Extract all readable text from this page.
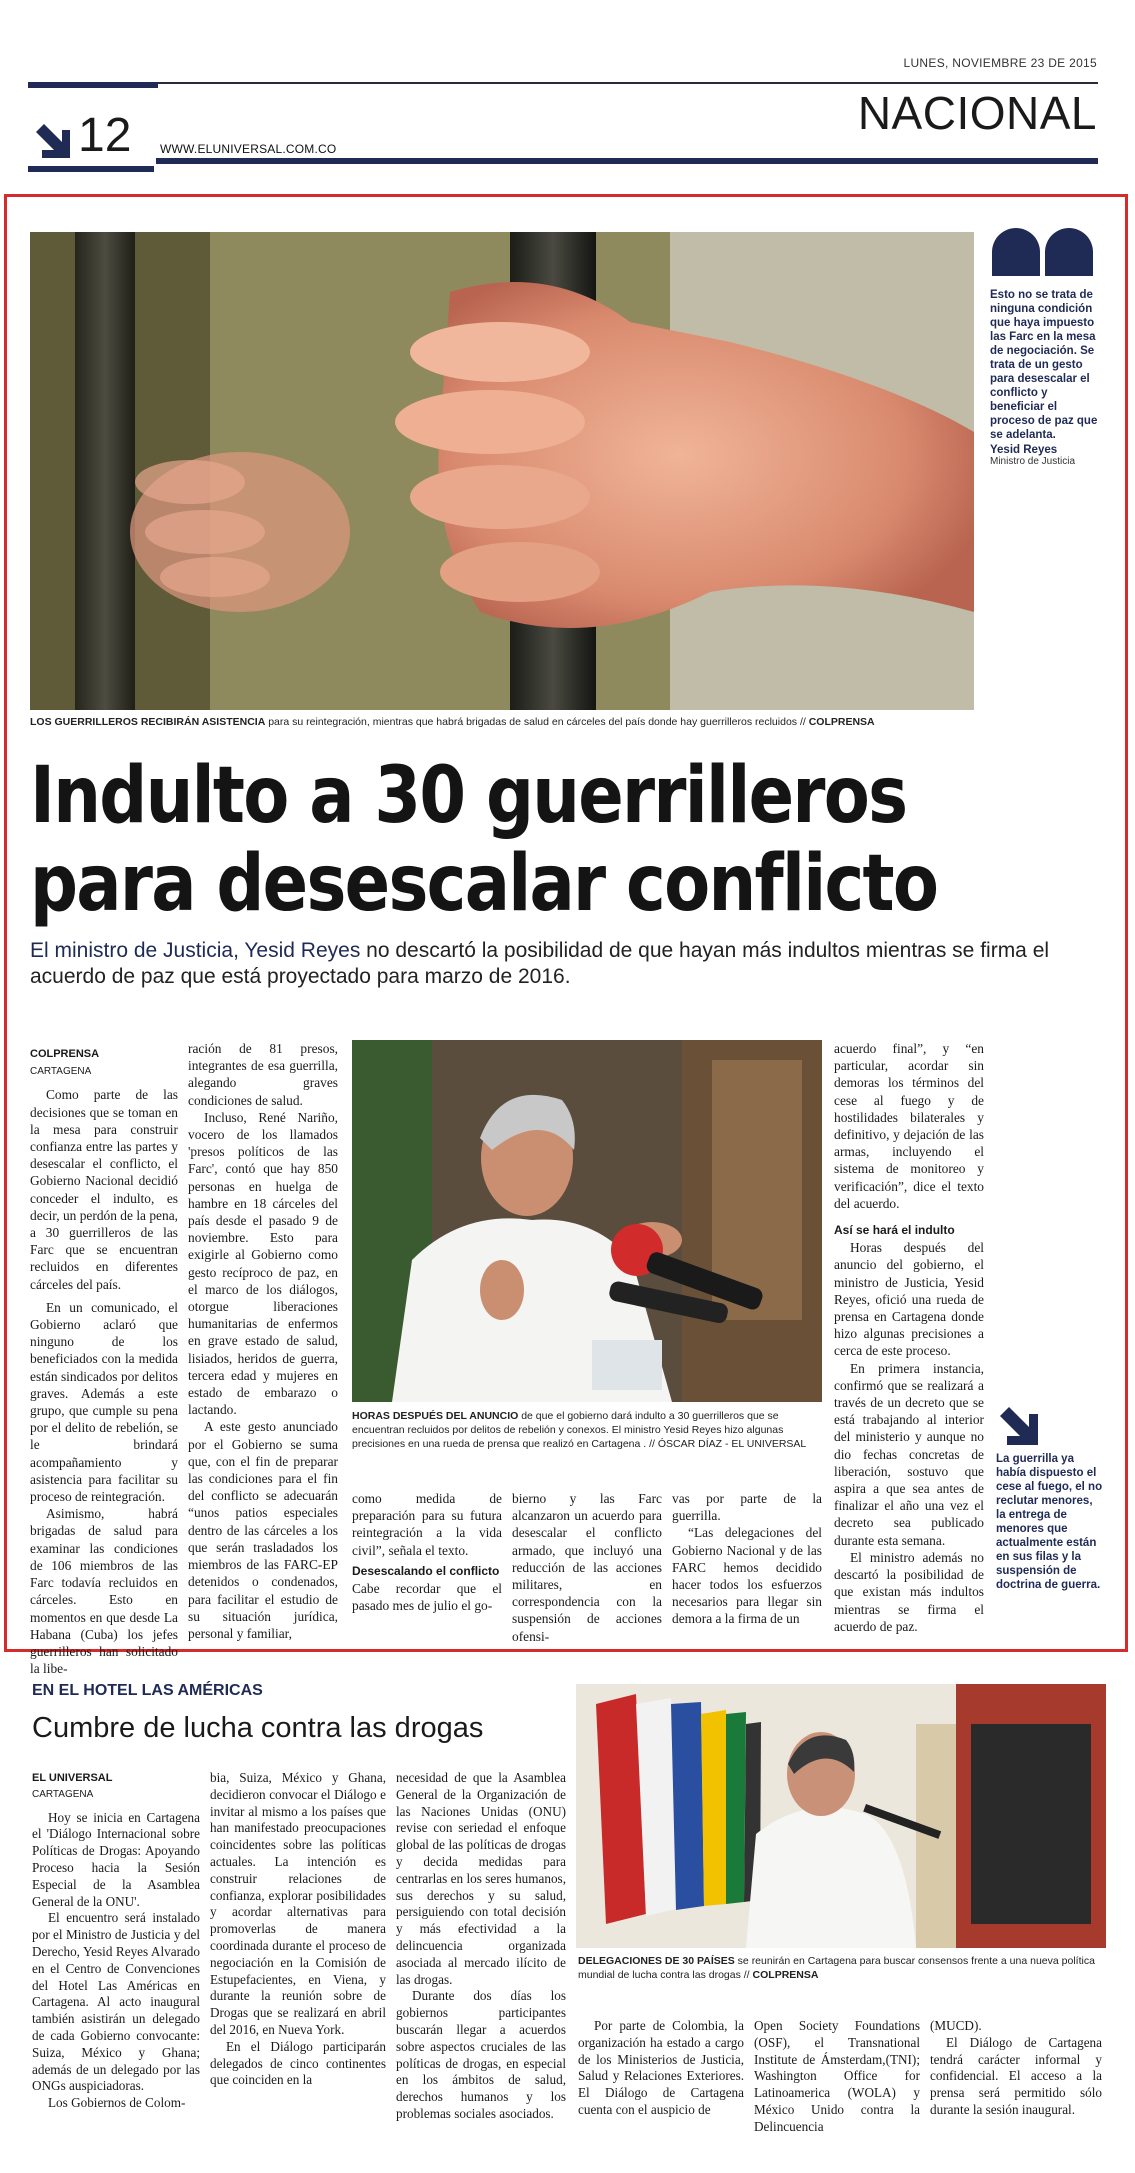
LUNES, NOVIEMBRE 23 DE 2015
NACIONAL
12 WWW.ELUNIVERSAL.COM.CO
LOS GUERRILLEROS RECIBIRÁN ASISTENCIA para su reintegración, mientras que habrá brigadas de salud en cárceles del país donde hay guerrilleros recluidos // COLPRENSA
Esto no se trata de ninguna condición que haya impuesto las Farc en la mesa de negociación. Se trata de un gesto para desescalar el conflicto y beneficiar el proceso de paz que se adelanta.
Yesid Reyes
Ministro de Justicia
Indulto a 30 guerrilleros
para desescalar conflicto
El ministro de Justicia, Yesid Reyes no descartó la posibilidad de que hayan más indultos mientras se firma el acuerdo de paz que está proyectado para marzo de 2016.

COLPRENSA

CARTAGENA

Como parte de las decisiones que se toman en la mesa para construir confianza entre las partes y desescalar el conflicto, el Gobierno Nacional decidió conceder el indulto, es decir, un perdón de la pena, a 30 guerrilleros de las Farc que se encuentran recluidos en diferentes cárceles del país.

En un comunicado, el Gobierno aclaró que ninguno de los beneficiados con la medida están sindicados por delitos graves. Además a este grupo, que cumple su pena por el delito de rebelión, se le brindará acompañamiento y asistencia para facilitar su proceso de reintegración.

Asimismo, habrá brigadas de salud para examinar las condiciones de 106 miembros de las Farc todavía recluidos en cárceles. Esto en momentos en que desde La Habana (Cuba) los jefes guerrilleros han solicitado la libe-

ración de 81 presos, integrantes de esa guerrilla, alegando graves condiciones de salud.

Incluso, René Nariño, vocero de los llamados 'presos políticos de las Farc', contó que hay 850 personas en huelga de hambre en 18 cárceles del país desde el pasado 9 de noviembre. Esto para exigirle al Gobierno como gesto recíproco de paz, en el marco de los diálogos, otorgue liberaciones humanitarias de enfermos en grave estado de salud, lisiados, heridos de guerra, tercera edad y mujeres en estado de embarazo o lactando.

A este gesto anunciado por el Gobierno se suma que, con el fin de preparar las condiciones para el fin del conflicto se adecuarán “unos patios especiales dentro de las cárceles a los que serán trasladados los miembros de las FARC-EP detenidos o condenados, para facilitar el estudio de su situación jurídica, personal y familiar,

HORAS DESPUÉS DEL ANUNCIO de que el gobierno dará indulto a 30 guerrilleros que se encuentran recluidos por delitos de rebelión y conexos. El ministro Yesid Reyes hizo algunas precisiones en una rueda de prensa que realizó en Cartagena . // ÓSCAR DÍAZ - EL UNIVERSAL

como medida de preparación para su futura reintegración a la vida civil”, señala el texto.

Desescalando el conflicto

Cabe recordar que el pasado mes de julio el go-

bierno y las Farc alcanzaron un acuerdo para desescalar el conflicto armado, que incluyó una reducción de las acciones militares, en correspondencia con la suspensión de acciones ofensi-

vas por parte de la guerrilla.

“Las delegaciones del Gobierno Nacional y de las FARC hemos decidido hacer todos los esfuerzos necesarios para llegar sin demora a la firma de un

acuerdo final”, y “en particular, acordar sin demoras los términos del cese al fuego y de hostilidades bilaterales y definitivo, y dejación de las armas, incluyendo el sistema de monitoreo y verificación”, dice el texto del acuerdo.

Así se hará el indulto

Horas después del anuncio del gobierno, el ministro de Justicia, Yesid Reyes, ofició una rueda de prensa en Cartagena donde hizo algunas precisiones a cerca de este proceso.

En primera instancia, confirmó que se realizará a través de un decreto que se está trabajando al interior del ministerio y aunque no dio fechas concretas de liberación, sostuvo que aspira a que sea antes de finalizar el año una vez el decreto sea publicado durante esta semana.

El ministro además no descartó la posibilidad de que existan más indultos mientras se firma el acuerdo de paz.

La guerrilla ya había dispuesto el cese al fuego, el no reclutar menores, la entrega de menores que actualmente están en sus filas y la suspensión de doctrina de guerra.
EN EL HOTEL LAS AMÉRICAS
Cumbre de lucha contra las drogas

EL UNIVERSAL

CARTAGENA

Hoy se inicia en Cartagena el 'Diálogo Internacional sobre Políticas de Drogas: Apoyando Proceso hacia la Sesión Especial de la Asamblea General de la ONU'.

El encuentro será instalado por el Ministro de Justicia y del Derecho, Yesid Reyes Alvarado en el Centro de Convenciones del Hotel Las Américas en Cartagena. Al acto inaugural también asistirán un delegado de cada Gobierno convocante: Suiza, México y Ghana; además de un delegado por las ONGs auspiciadoras.

Los Gobiernos de Colom-

bia, Suiza, México y Ghana, decidieron convocar el Diálogo e invitar al mismo a los países que han manifestado preocupaciones coincidentes sobre las políticas actuales. La intención es construir relaciones de confianza, explorar posibilidades y acordar alternativas para promoverlas de manera coordinada durante el proceso de negociación en la Comisión de Estupefacientes, en Viena, y durante la reunión sobre de Drogas que se realizará en abril del 2016, en Nueva York.

En el Diálogo participarán delegados de cinco continentes que coinciden en la

necesidad de que la Asamblea General de la Organización de las Naciones Unidas (ONU) revise con seriedad el enfoque global de las políticas de drogas y decida medidas para centrarlas en los seres humanos, sus derechos y su salud, persiguiendo con total decisión y más efectividad a la delincuencia organizada asociada al mercado ilícito de las drogas.

Durante dos días los gobiernos participantes buscarán llegar a acuerdos sobre aspectos cruciales de las políticas de drogas, en especial en los ámbitos de salud, derechos humanos y los problemas sociales asociados.

DELEGACIONES DE 30 PAÍSES se reunirán en Cartagena para buscar consensos frente a una nueva política mundial de lucha contra las drogas // COLPRENSA

Por parte de Colombia, la organización ha estado a cargo de los Ministerios de Justicia, Salud y Relaciones Exteriores. El Diálogo de Cartagena cuenta con el auspicio de

Open Society Foundations (OSF), el Transnational Institute de Ámsterdam,(TNI); Washington Office for Latinoamerica (WOLA) y México Unido contra la Delincuencia

(MUCD).

El Diálogo de Cartagena tendrá carácter informal y confidencial. El acceso a la prensa será permitido sólo durante la sesión inaugural.
